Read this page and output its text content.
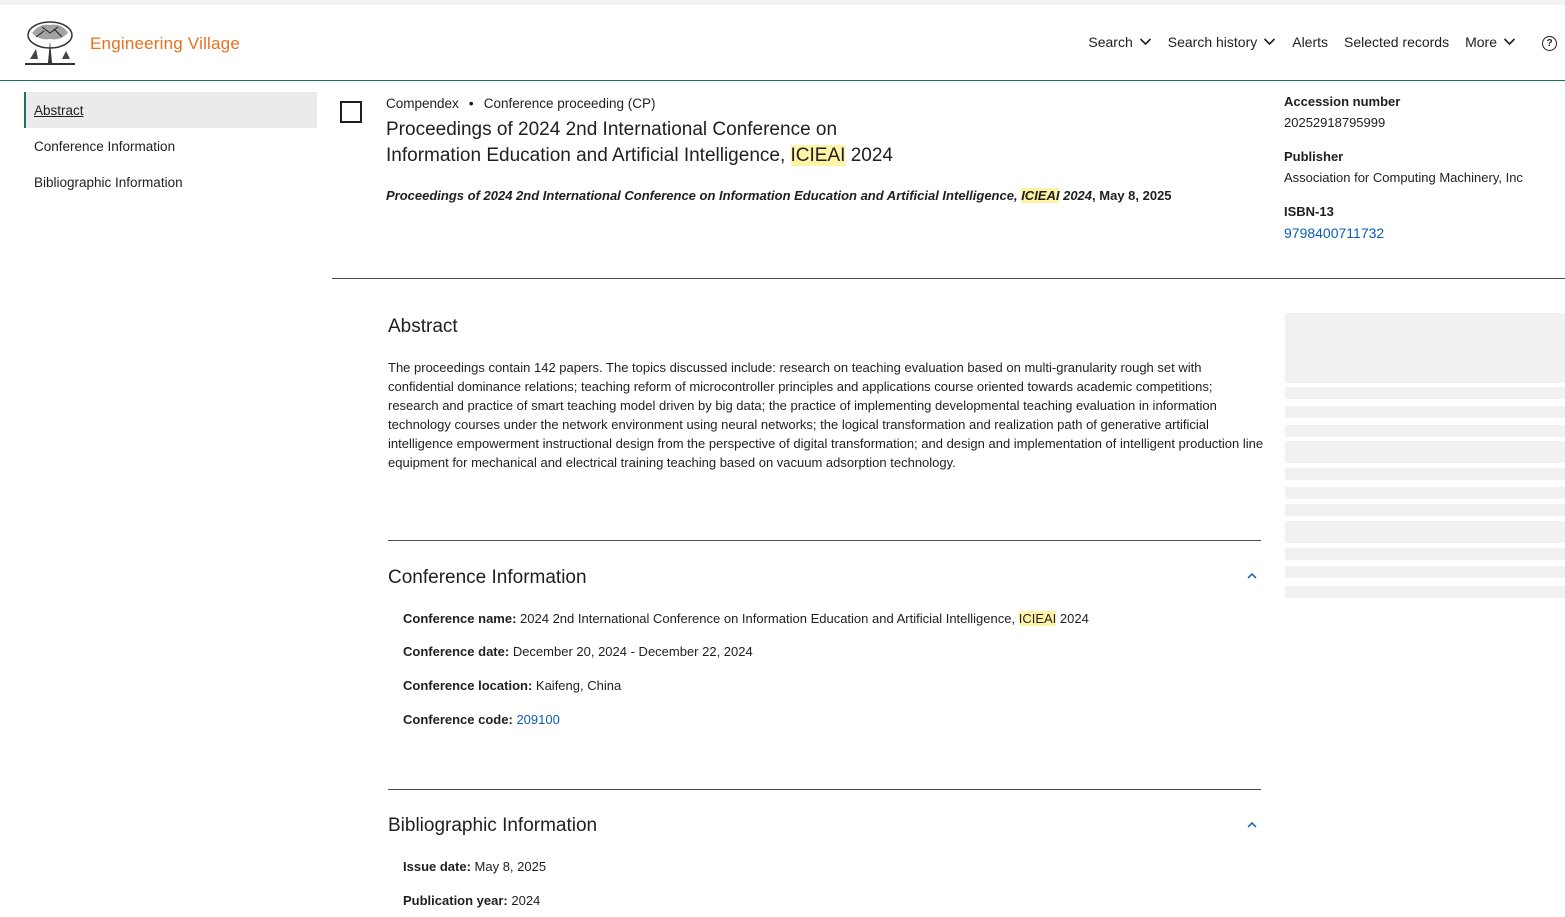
Engineering Village	Search	Search history	Alerts Selected records More	?
Abstract
Conference Information
Bibliographic Information
Compendex • Conference proceeding (CP)
Proceedings of 2024 2nd International Conference on
Information Education and Artificial Intelligence, ICIEAI 2024
Proceedings of 2024 2nd International Conference on Information Education and Artificial Intelligence, ICIEAI 2024, May 8, 2025
Accession number
20252918795999
Publisher
Association for Computing Machinery, Inc
ISBN-13
9798400711732
Abstract
The proceedings contain 142 papers. The topics discussed include: research on teaching evaluation based on multi-granularity rough set with confidential dominance relations; teaching reform of microcontroller principles and applications course oriented towards academic competitions; research and practice of smart teaching model driven by big data; the practice of implementing developmental teaching evaluation in information technology courses under the network environment using neural networks; the logical transformation and realization path of generative artificial intelligence empowerment instructional design from the perspective of digital transformation; and design and implementation of intelligent production line equipment for mechanical and electrical training teaching based on vacuum adsorption technology.
Conference Information
Conference name: 2024 2nd International Conference on Information Education and Artificial Intelligence, ICIEAI 2024
Conference date: December 20, 2024 - December 22, 2024
Conference location: Kaifeng, China
Conference code: 209100
Bibliographic Information
Issue date: May 8, 2025
Publication year: 2024
